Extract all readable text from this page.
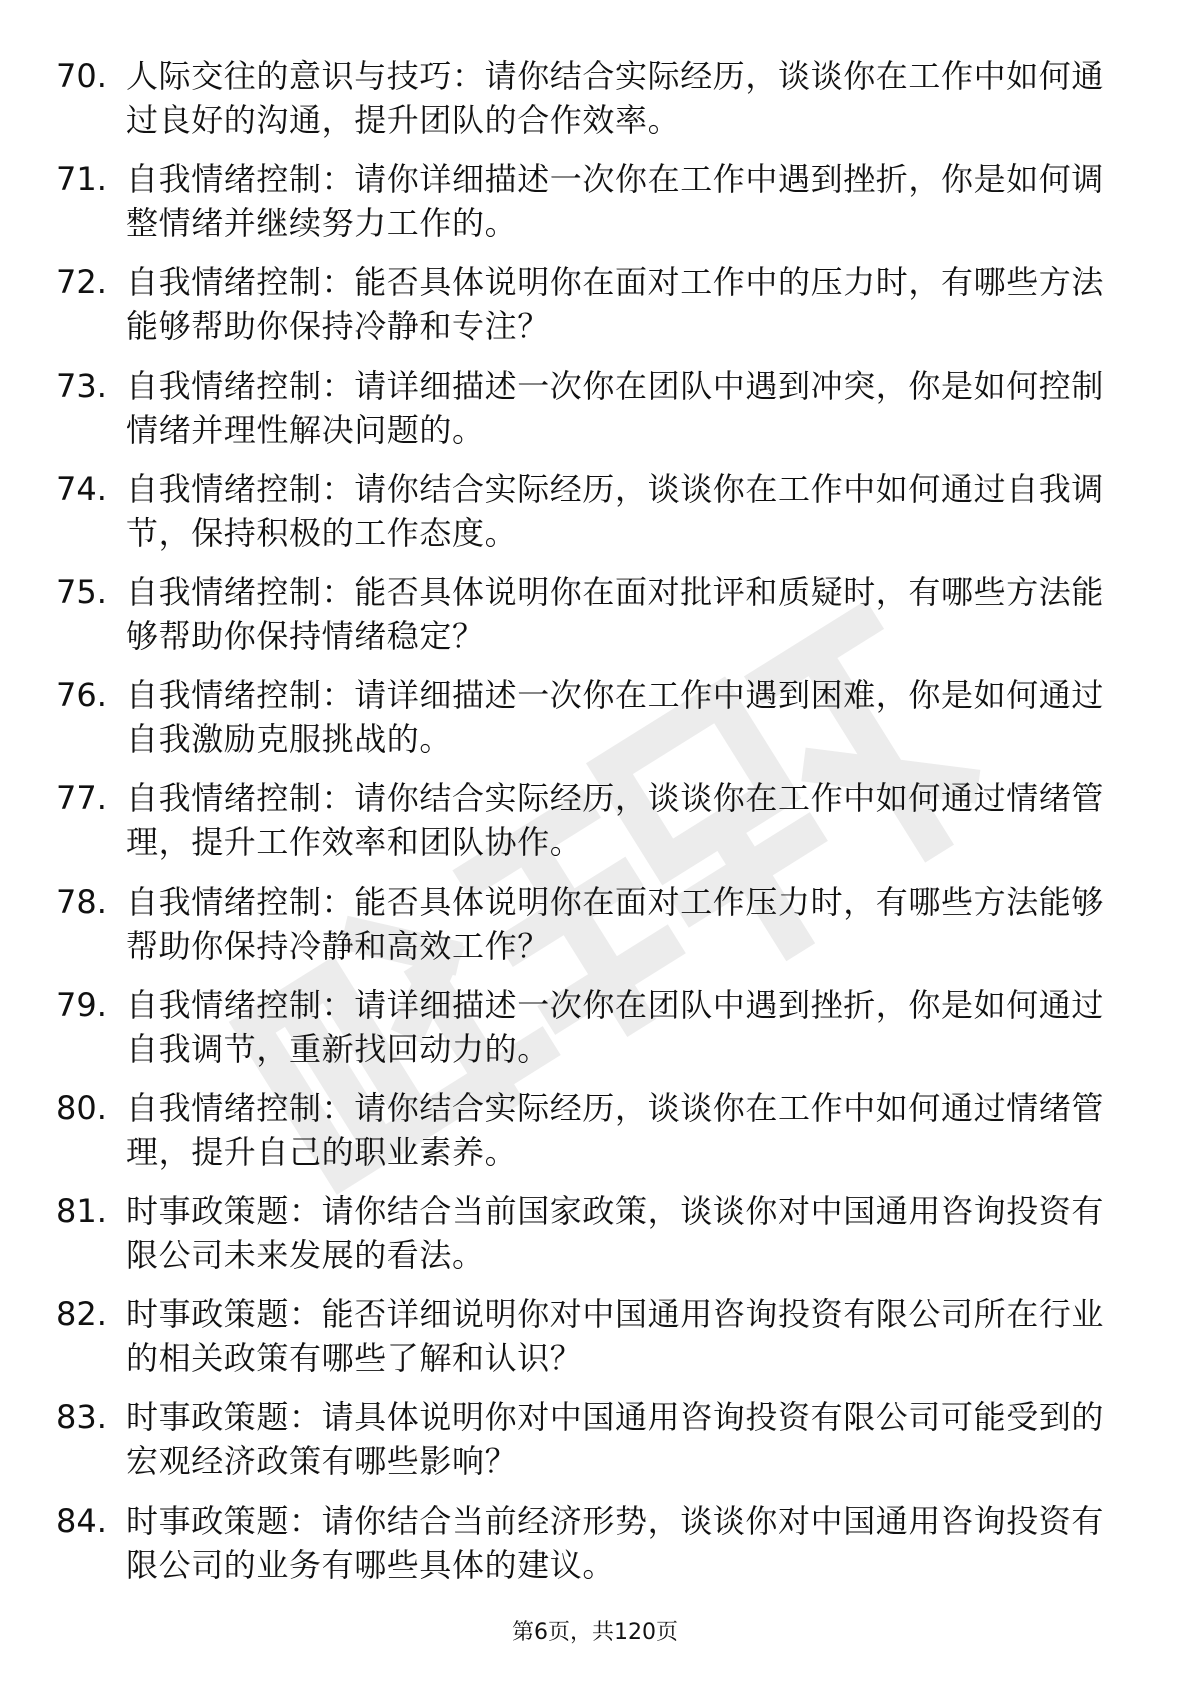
70. 人际交往的意识与技巧：请你结合实际经历，谈谈你在工作中如何通过良好的沟通，提升团队的合作效率。
71. 自我情绪控制：请你详细描述一次你在工作中遇到挫折，你是如何调整情绪并继续努力工作的。
72. 自我情绪控制：能否具体说明你在面对工作中的压力时，有哪些方法能够帮助你保持冷静和专注？
73. 自我情绪控制：请详细描述一次你在团队中遇到冲突，你是如何控制情绪并理性解决问题的。
74. 自我情绪控制：请你结合实际经历，谈谈你在工作中如何通过自我调节，保持积极的工作态度。
75. 自我情绪控制：能否具体说明你在面对批评和质疑时，有哪些方法能够帮助你保持情绪稳定？
76. 自我情绪控制：请详细描述一次你在工作中遇到困难，你是如何通过自我激励克服挑战的。
77. 自我情绪控制：请你结合实际经历，谈谈你在工作中如何通过情绪管理，提升工作效率和团队协作。
78. 自我情绪控制：能否具体说明你在面对工作压力时，有哪些方法能够帮助你保持冷静和高效工作？
79. 自我情绪控制：请详细描述一次你在团队中遇到挫折，你是如何通过自我调节，重新找回动力的。
80. 自我情绪控制：请你结合实际经历，谈谈你在工作中如何通过情绪管理，提升自己的职业素养。
81. 时事政策题：请你结合当前国家政策，谈谈你对中国通用咨询投资有限公司未来发展的看法。
82. 时事政策题：能否详细说明你对中国通用咨询投资有限公司所在行业的相关政策有哪些了解和认识？
83. 时事政策题：请具体说明你对中国通用咨询投资有限公司可能受到的宏观经济政策有哪些影响？
84. 时事政策题：请你结合当前经济形势，谈谈你对中国通用咨询投资有限公司的业务有哪些具体的建议。
第6页，共120页
